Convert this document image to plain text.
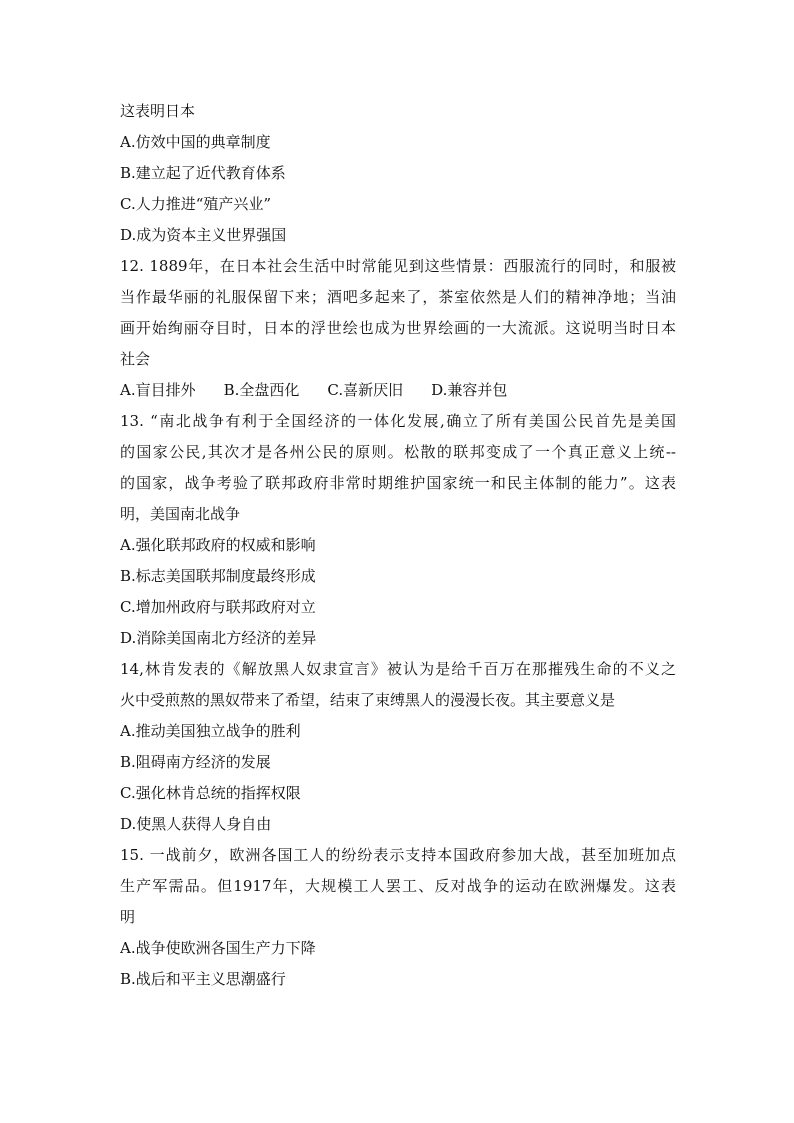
这表明日本
A.仿效中国的典章制度
B.建立起了近代教育体系
C.人力推进“殖产兴业”
D.成为资本主义世界强国
12. 1889年，在日本社会生活中时常能见到这些情景：西服流行的同时，和服被
当作最华丽的礼服保留下来；酒吧多起来了，茶室依然是人们的精神净地；当油
画开始绚丽夺目时，日本的浮世绘也成为世界绘画的一大流派。这说明当时日本
社会
A.盲目排外 B.全盘西化 C.喜新厌旧 D.兼容并包
13. “南北战争有利于全国经济的一体化发展,确立了所有美国公民首先是美国
的国家公民,其次才是各州公民的原则。松散的联邦变成了一个真正意义上统--
的国家，战争考验了联邦政府非常时期维护国家统一和民主体制的能力”。这表
明，美国南北战争
A.强化联邦政府的权威和影响
B.标志美国联邦制度最终形成
C.增加州政府与联邦政府对立
D.消除美国南北方经济的差异
14,林肯发表的《解放黑人奴隶宣言》被认为是给千百万在那摧残生命的不义之
火中受煎熬的黑奴带来了希望，结束了束缚黑人的漫漫长夜。其主要意义是
A.推动美国独立战争的胜利
B.阻碍南方经济的发展
C.强化林肯总统的指挥权限
D.使黑人获得人身自由
15. 一战前夕，欧洲各国工人的纷纷表示支持本国政府参加大战，甚至加班加点
生产军需品。但1917年，大规模工人罢工、反对战争的运动在欧洲爆发。这表
明
A.战争使欧洲各国生产力下降
B.战后和平主义思潮盛行
